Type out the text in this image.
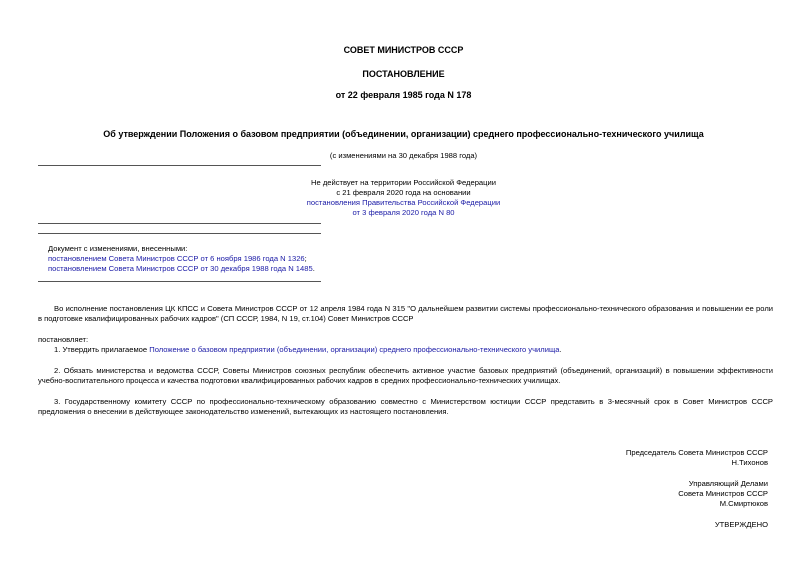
СОВЕТ МИНИСТРОВ СССР
ПОСТАНОВЛЕНИЕ
от 22 февраля 1985 года N 178
Об утверждении Положения о базовом предприятии (объединении, организации) среднего профессионально-технического училища
(с изменениями на 30 декабря 1988 года)
Не действует на территории Российской Федерации
с 21 февраля 2020 года на основании
постановления Правительства Российской Федерации
от 3 февраля 2020 года N 80
Документ с изменениями, внесенными:
постановлением Совета Министров СССР от 6 ноября 1986 года N 1326;
постановлением Совета Министров СССР от 30 декабря 1988 года N 1485.
Во исполнение постановления ЦК КПСС и Совета Министров СССР от 12 апреля 1984 года N 315 "О дальнейшем развитии системы профессионально-технического образования и повышении ее роли в подготовке квалифицированных рабочих кадров" (СП СССР, 1984, N 19, ст.104) Совет Министров СССР
постановляет:
1. Утвердить прилагаемое Положение о базовом предприятии (объединении, организации) среднего профессионально-технического училища.
2. Обязать министерства и ведомства СССР, Советы Министров союзных республик обеспечить активное участие базовых предприятий (объединений, организаций) в повышении эффективности учебно-воспитательного процесса и качества подготовки квалифицированных рабочих кадров в средних профессионально-технических училищах.
3. Государственному комитету СССР по профессионально-техническому образованию совместно с Министерством юстиции СССР представить в 3-месячный срок в Совет Министров СССР предложения о внесении в действующее законодательство изменений, вытекающих из настоящего постановления.
Председатель Совета Министров СССР
Н.Тихонов
Управляющий Делами
Совета Министров СССР
М.Смиртюков
УТВЕРЖДЕНО
